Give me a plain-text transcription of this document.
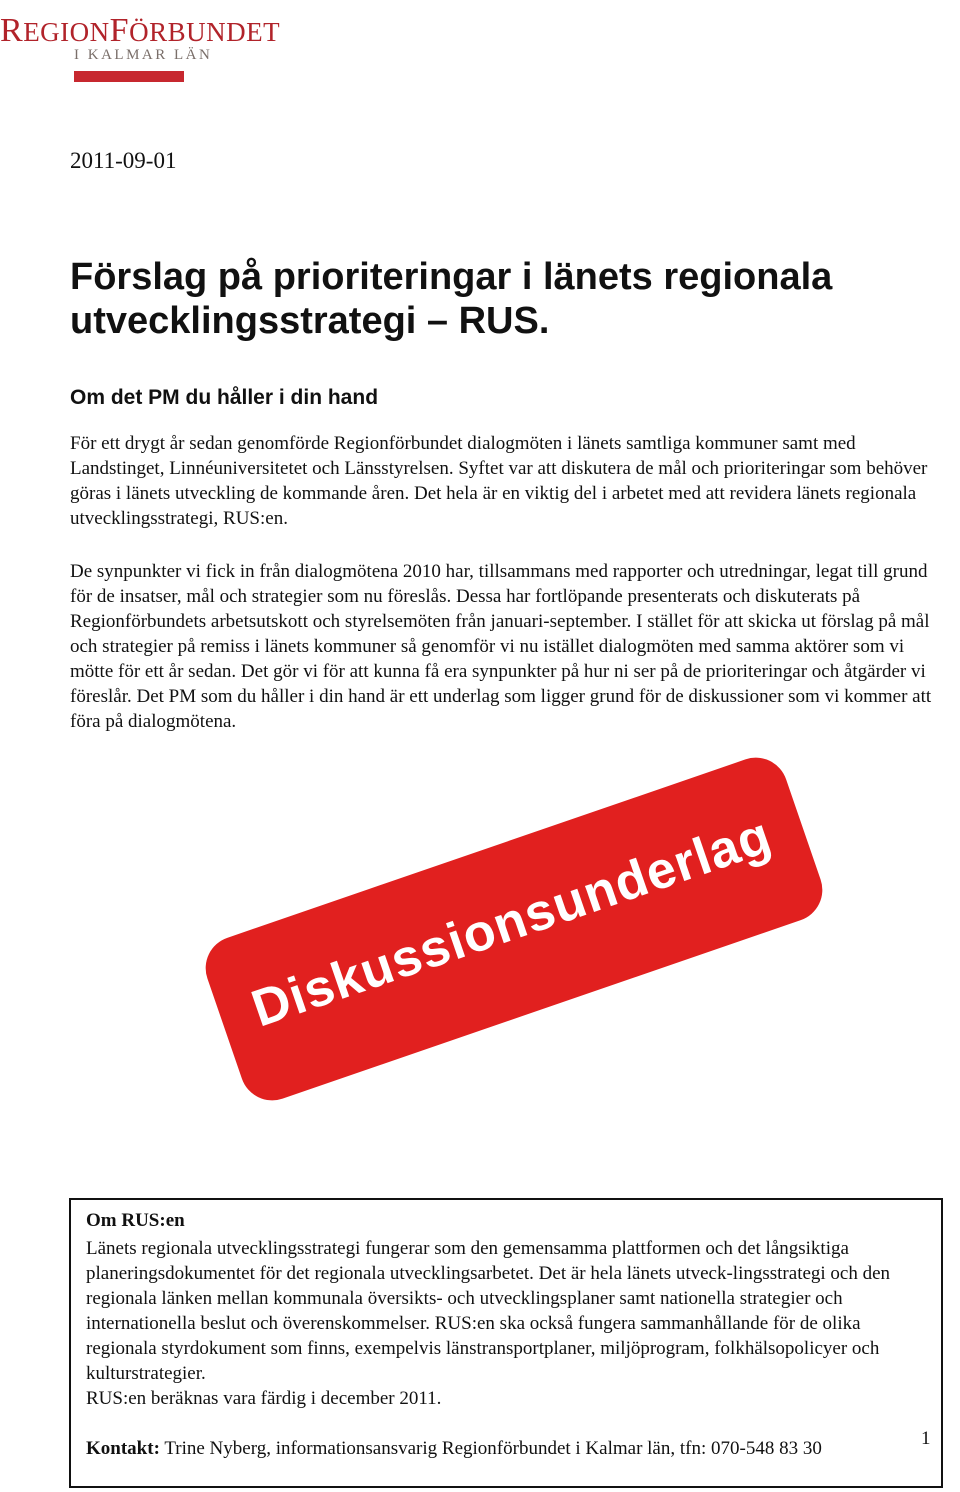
REGIONFÖRBUNDET
I KALMAR LÄN
2011-09-01
Förslag på prioriteringar i länets regionala utvecklingsstrategi – RUS.
Om det PM du håller i din hand

För ett drygt år sedan genomförde Regionförbundet dialogmöten i länets samtliga kommuner samt med Landstinget, Linnéuniversitetet och Länsstyrelsen. Syftet var att diskutera de mål och prioriteringar som behöver göras i länets utveckling de kommande åren. Det hela är en viktig del i arbetet med att revidera länets regionala utvecklingsstrategi, RUS:en.

De synpunkter vi fick in från dialogmötena 2010 har, tillsammans med rapporter och utredningar, legat till grund för de insatser, mål och strategier som nu föreslås. Dessa har fortlöpande presenterats och diskuterats på Regionförbundets arbetsutskott och styrelsemöten från januari-september. I stället för att skicka ut förslag på mål och strategier på remiss i länets kommuner så genomför vi nu istället dialogmöten med samma aktörer som vi mötte för ett år sedan. Det gör vi för att kunna få era synpunkter på hur ni ser på de prioriteringar och åtgärder vi föreslår. Det PM som du håller i din hand är ett underlag som ligger grund för de diskussioner som vi kommer att föra på dialogmötena.

Diskussionsunderlag
Om RUS:en

Länets regionala utvecklingsstrategi fungerar som den gemensamma plattformen och det långsiktiga planeringsdokumentet för det regionala utvecklingsarbetet. Det är hela länets utveck-lingsstrategi och den regionala länken mellan kommunala översikts- och utvecklingsplaner samt nationella strategier och internationella beslut och överenskommelser. RUS:en ska också fungera sammanhållande för de olika regionala styrdokument som finns, exempelvis länstransportplaner, miljöprogram, folkhälsopolicyer och kulturstrategier.
RUS:en beräknas vara färdig i december 2011.

Kontakt: Trine Nyberg, informationsansvarig Regionförbundet i Kalmar län, tfn: 070-548 83 30	1
